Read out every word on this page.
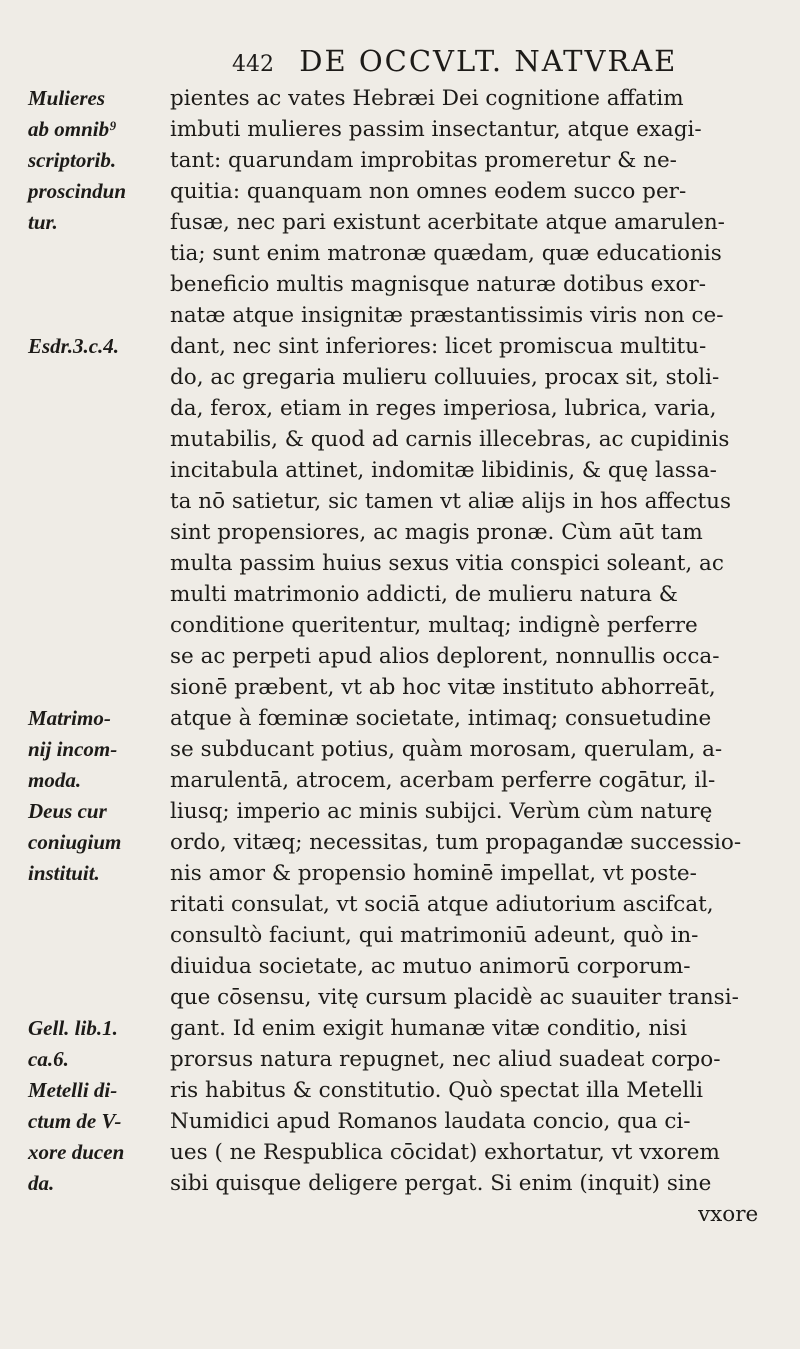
442 DE OCCVLT. NATVRAE
Mulieres	pientes ac vates Hebræi Dei cognitione affatim
ab omnib⁹ imbuti mulieres passim insectantur, atque exagi-
scriptorib.	tant: quarundam improbitas promeretur & ne-
proscindun quitia: quanquam non omnes eodem succo per-
tur.	fusæ, nec pari existunt acerbitate atque amarulen-
tia; sunt enim matronæ quædam, quæ educationis
beneficio multis magnisque naturæ dotibus exor-
natæ atque insignitæ præstantissimis viris non ce-
Esdr.3.c.4. dant, nec sint inferiores: licet promiscua multitu-
do, ac gregaria mulieru colluuies, procax sit, stoli-
da, ferox, etiam in reges imperiosa, lubrica, varia,
mutabilis, & quod ad carnis illecebras, ac cupidinis
incitabula attinet, indomitæ libidinis, & quę lassa-
ta nō satietur, sic tamen vt aliæ alijs in hos affectus
sint propensiores, ac magis pronæ. Cùm aūt tam
multa passim huius sexus vitia conspici soleant, ac
multi matrimonio addicti, de mulieru natura &
conditione queritentur, multaq; indignè perferre
se ac perpeti apud alios deplorent, nonnullis occa-
sionē præbent, vt ab hoc vitæ instituto abhorreāt,
Matrimo-	atque à fœminæ societate, intimaq; consuetudine
nij incom- se subducant potius, quàm morosam, querulam, a-
moda.	marulentā, atrocem, acerbam perferre cogātur, il-
Deus cur	liusq; imperio ac minis subijci. Verùm cùm naturę
coniugium ordo, vitæq; necessitas, tum propagandæ successio-
instituit.	nis amor & propensio hominē impellat, vt poste-
ritati consulat, vt sociā atque adiutorium ascifcat,
consultò faciunt, qui matrimoniū adeunt, quò in-
diuidua societate, ac mutuo animorū corporum-
que cōsensu, vitę cursum placidè ac suauiter transi-
Gell. lib.1. gant. Id enim exigit humanæ vitæ conditio, nisi
ca.6.	prorsus natura repugnet, nec aliud suadeat corpo-
Metelli di- ris habitus & constitutio. Quò spectat illa Metelli
ctum de V- Numidici apud Romanos laudata concio, qua ci-
xore ducen ues ( ne Respublica cōcidat) exhortatur, vt vxorem
da.	sibi quisque deligere pergat. Si enim (inquit) sine
vxore
